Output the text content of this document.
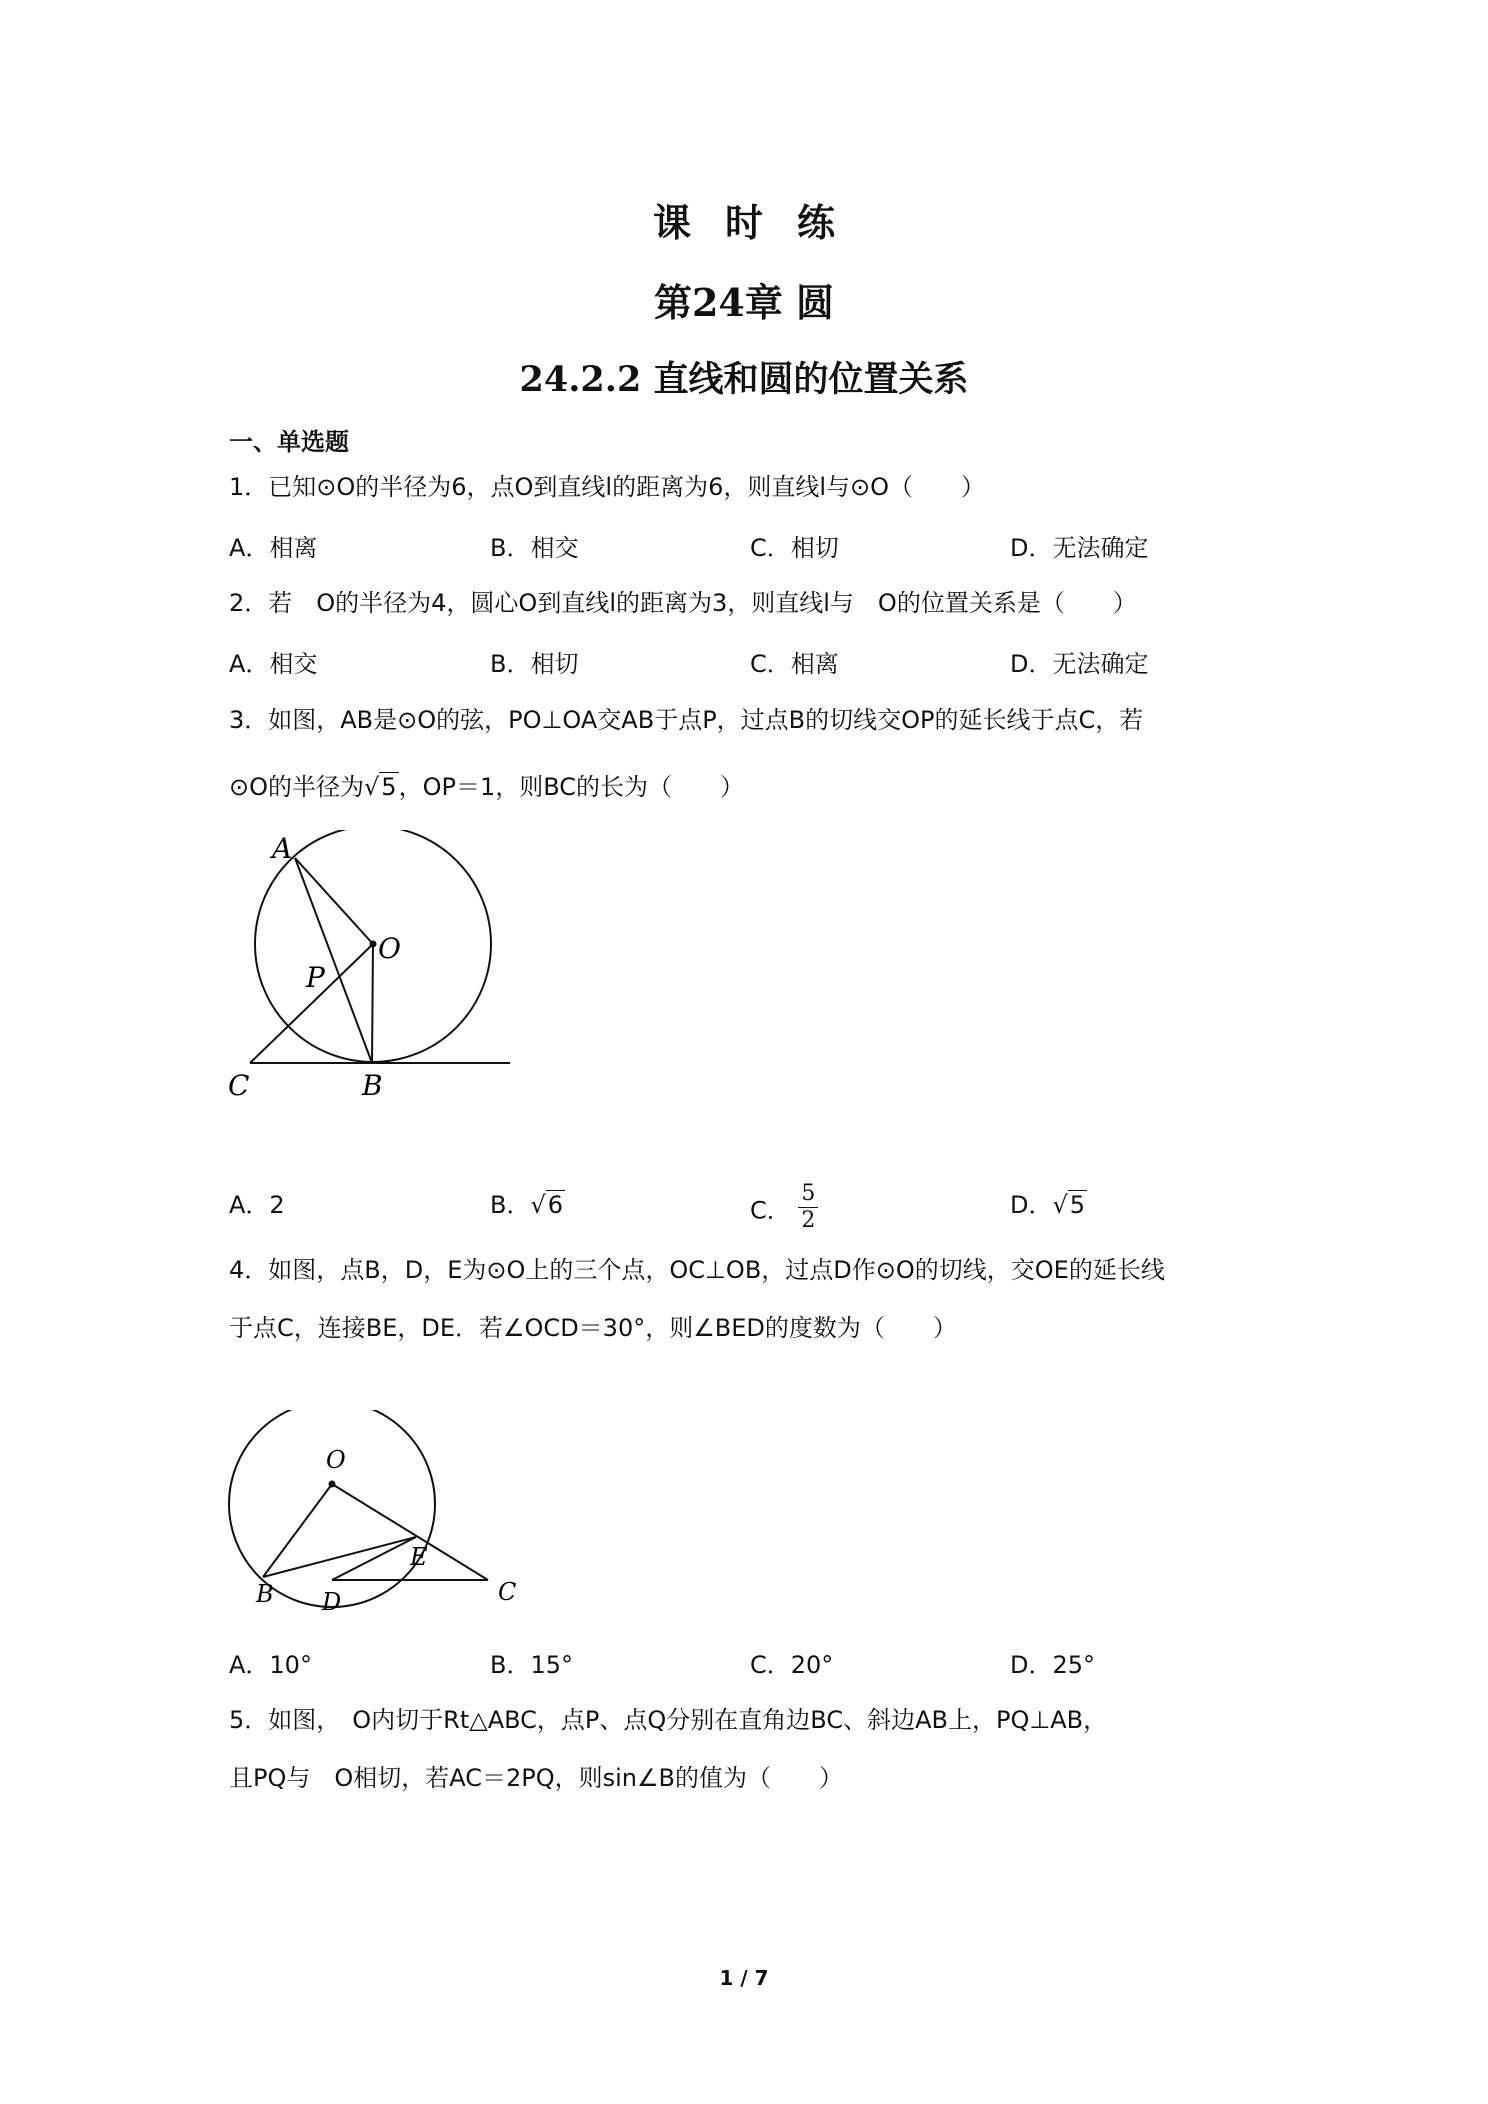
课时练
第24章 圆
24.2.2 直线和圆的位置关系
一、单选题
1．已知⊙O的半径为6，点O到直线l的距离为6，则直线l与⊙O（　　）
A．相离	B．相交	C．相切	D．无法确定
2．若　O的半径为4，圆心O到直线l的距离为3，则直线l与　O的位置关系是（　　）
A．相交	B．相切	C．相离	D．无法确定
3．如图，AB是⊙O的弦，PO⊥OA交AB于点P，过点B的切线交OP的延长线于点C，若
⊙O的半径为√5，OP＝1，则BC的长为（　　）
A
O
P
C	B
A．2	B．√6	C． $\frac{5}{2}$	D．√5
4．如图，点B，D，E为⊙O上的三个点，OC⊥OB，过点D作⊙O的切线，交OE的延长线
于点C，连接BE，DE．若∠OCD＝30°，则∠BED的度数为（　　）
O
E
B D	C
A．10°	B．15°	C．20°	D．25°
5．如图，　O内切于Rt△ABC，点P、点Q分别在直角边BC、斜边AB上，PQ⊥AB，
且PQ与　O相切，若AC＝2PQ，则sin∠B的值为（　　）
1 / 7
